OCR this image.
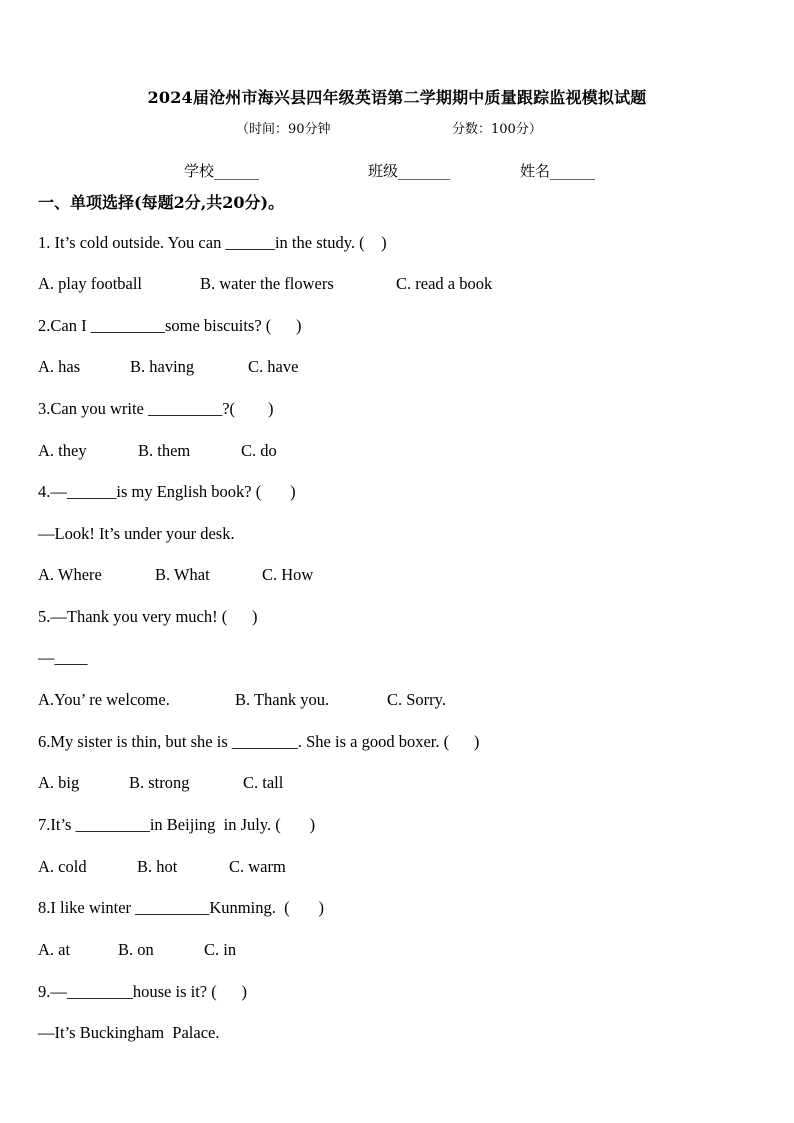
2024届沧州市海兴县四年级英语第二学期期中质量跟踪监视模拟试题
（时间：90分钟	分数：100分）
学校______	班级_______	姓名______
一、单项选择(每题2分,共20分)。
1. It’s cold outside. You can ______in the study. (    )
A. play football	B. water the flowers	C. read a book
2.Can I _________some biscuits? (      )
A. has	B. having	C. have
3.Can you write _________?(        )
A. they	B. them	C. do
4.—______is my English book? (       )
—Look! It’s under your desk.
A. Where	B. What	C. How
5.—Thank you very much! (      )
—____
A.You’ re welcome.	B. Thank you.	C. Sorry.
6.My sister is thin, but she is ________. She is a good boxer. (      )
A. big	B. strong	C. tall
7.It’s _________in Beijing  in July. (       )
A. cold	B. hot	C. warm
8.I like winter _________Kunming.  (       )
A. at	B. on	C. in
9.—________house is it? (      )
—It’s Buckingham  Palace.
